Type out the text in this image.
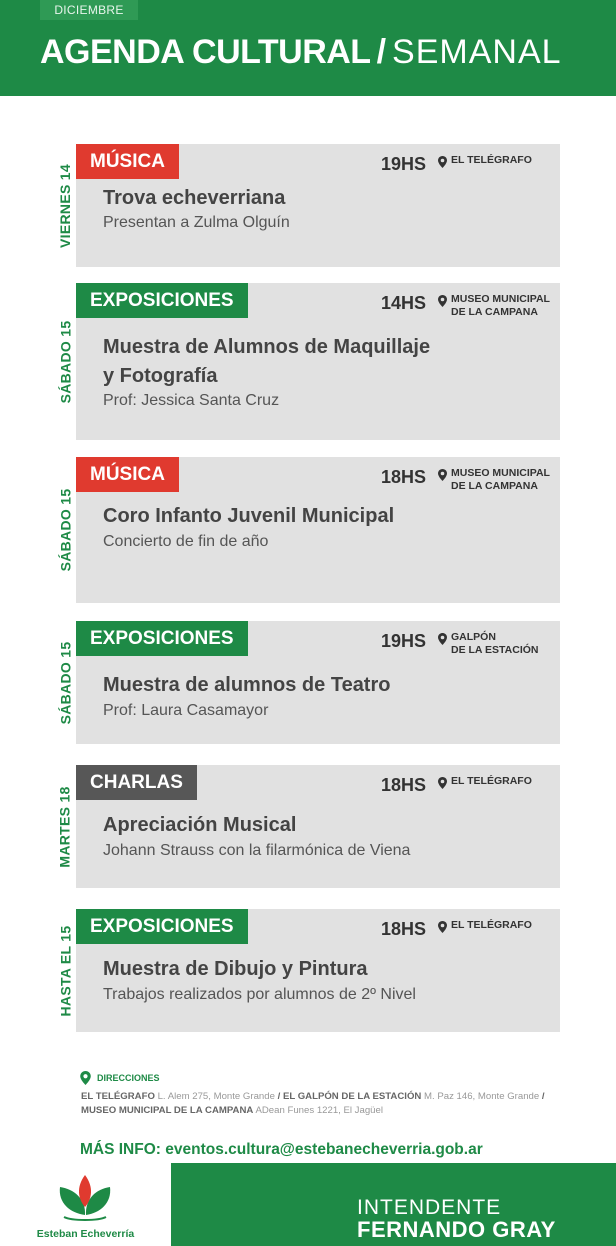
DICIEMBRE
AGENDA CULTURAL / SEMANAL
VIERNES 14
MÚSICA	19HS EL TELÉGRAFO
Trova echeverriana
Presentan a Zulma Olguín
SÁBADO 15
EXPOSICIONES	14HS MUSEO MUNICIPAL
DE LA CAMPANA
Muestra de Alumnos de Maquillaje
y Fotografía
Prof: Jessica Santa Cruz
SÁBADO 15
MÚSICA	18HS MUSEO MUNICIPAL
DE LA CAMPANA
Coro Infanto Juvenil Municipal
Concierto de fin de año
SÁBADO 15
EXPOSICIONES	19HS GALPÓN
DE LA ESTACIÓN
Muestra de alumnos de Teatro
Prof: Laura Casamayor
MARTES 18
CHARLAS	18HS EL TELÉGRAFO
Apreciación Musical
Johann Strauss con la filarmónica de Viena
HASTA EL 15 EXPOSICIONES	18HS EL TELÉGRAFO
Muestra de Dibujo y Pintura
Trabajos realizados por alumnos de 2º Nivel
DIRECCIONES
EL TELÉGRAFO L. Alem 275, Monte Grande / EL GALPÓN DE LA ESTACIÓN M. Paz 146, Monte Grande / MUSEO MUNICIPAL DE LA CAMPANA ADean Funes 1221, El Jagüel
MÁS INFO: eventos.cultura@estebanecheverria.gob.ar
Esteban Echeverría
INTENDENTE
FERNANDO GRAY
